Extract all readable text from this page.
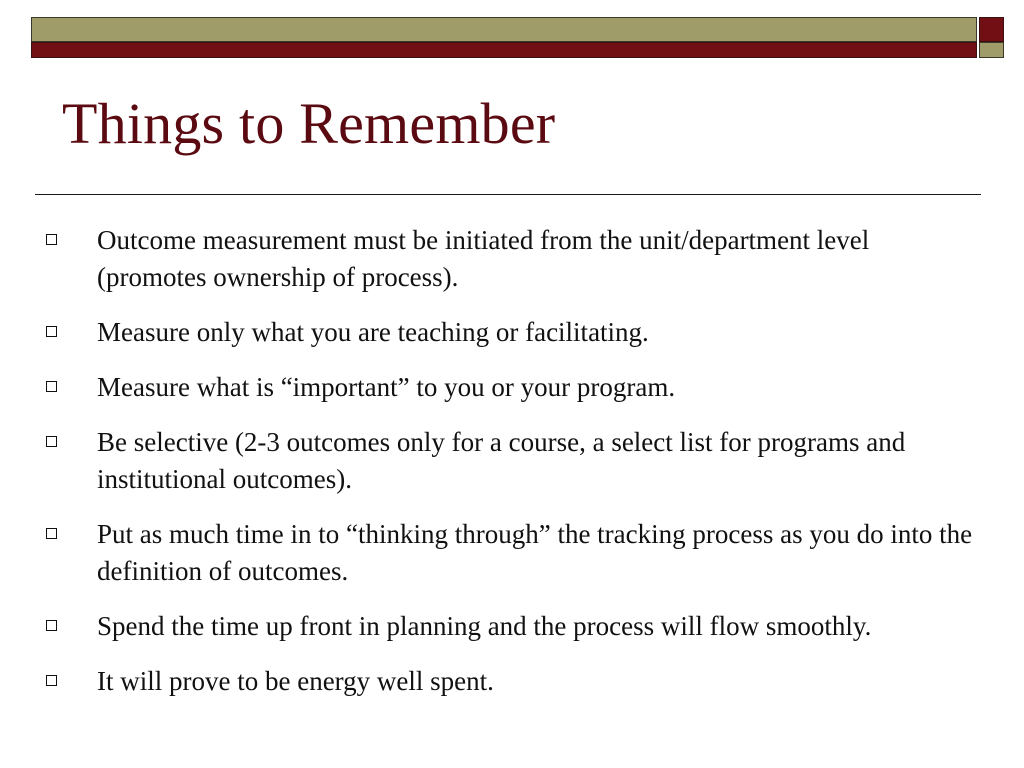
Things to Remember
Outcome measurement must be initiated from the unit/department level (promotes ownership of process).
Measure only what you are teaching or facilitating.
Measure what is “important” to you or your program.
Be selective (2-3 outcomes only for a course, a select list for programs and institutional outcomes).
Put as much time in to “thinking through” the tracking process as you do into the definition of outcomes.
Spend the time up front in planning and the process will flow smoothly.
It will prove to be energy well spent.
